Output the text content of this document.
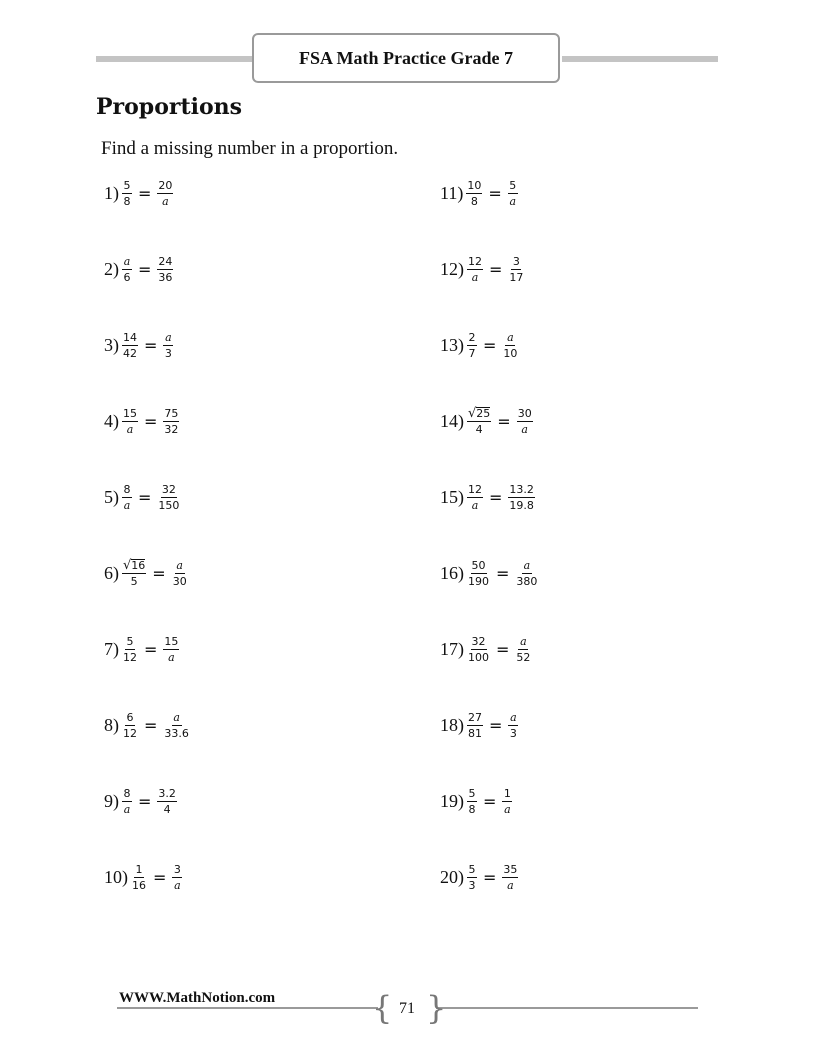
FSA Math Practice Grade 7
Proportions

Find a missing number in a proportion.

$1) \frac{5}{8} = \frac{20}{a}$
$2) \frac{a}{6} = \frac{24}{36}$
$3) \frac{14}{42} = \frac{a}{3}$
$4) \frac{15}{a} = \frac{75}{32}$
$5) \frac{8}{a} = \frac{32}{150}$
$6) \frac{√ 16}{5} = \frac{a}{30}$
$7) \frac{5}{12} = \frac{15}{a}$
$8) \frac{6}{12} = \frac{a}{33.6}$
$9) \frac{8}{a} = \frac{3.2}{4}$
$10) \frac{1}{16} = \frac{3}{a}$
$11) \frac{10}{8} = \frac{5}{a}$
$12) \frac{12}{a} = \frac{3}{17}$
$13) \frac{2}{7} = \frac{a}{10}$
$14) \frac{√ 25}{4} = \frac{30}{a}$
$15) \frac{12}{a} = \frac{13.2}{19.8}$
$16) \frac{50}{190} = \frac{a}{380}$
$17) \frac{32}{100} = \frac{a}{52}$
$18) \frac{27}{81} = \frac{a}{3}$
$19) \frac{5}{8} = \frac{1}{a}$
$20) \frac{5}{3} = \frac{35}{a}$
WWW.MathNotion.com	{ }
71
